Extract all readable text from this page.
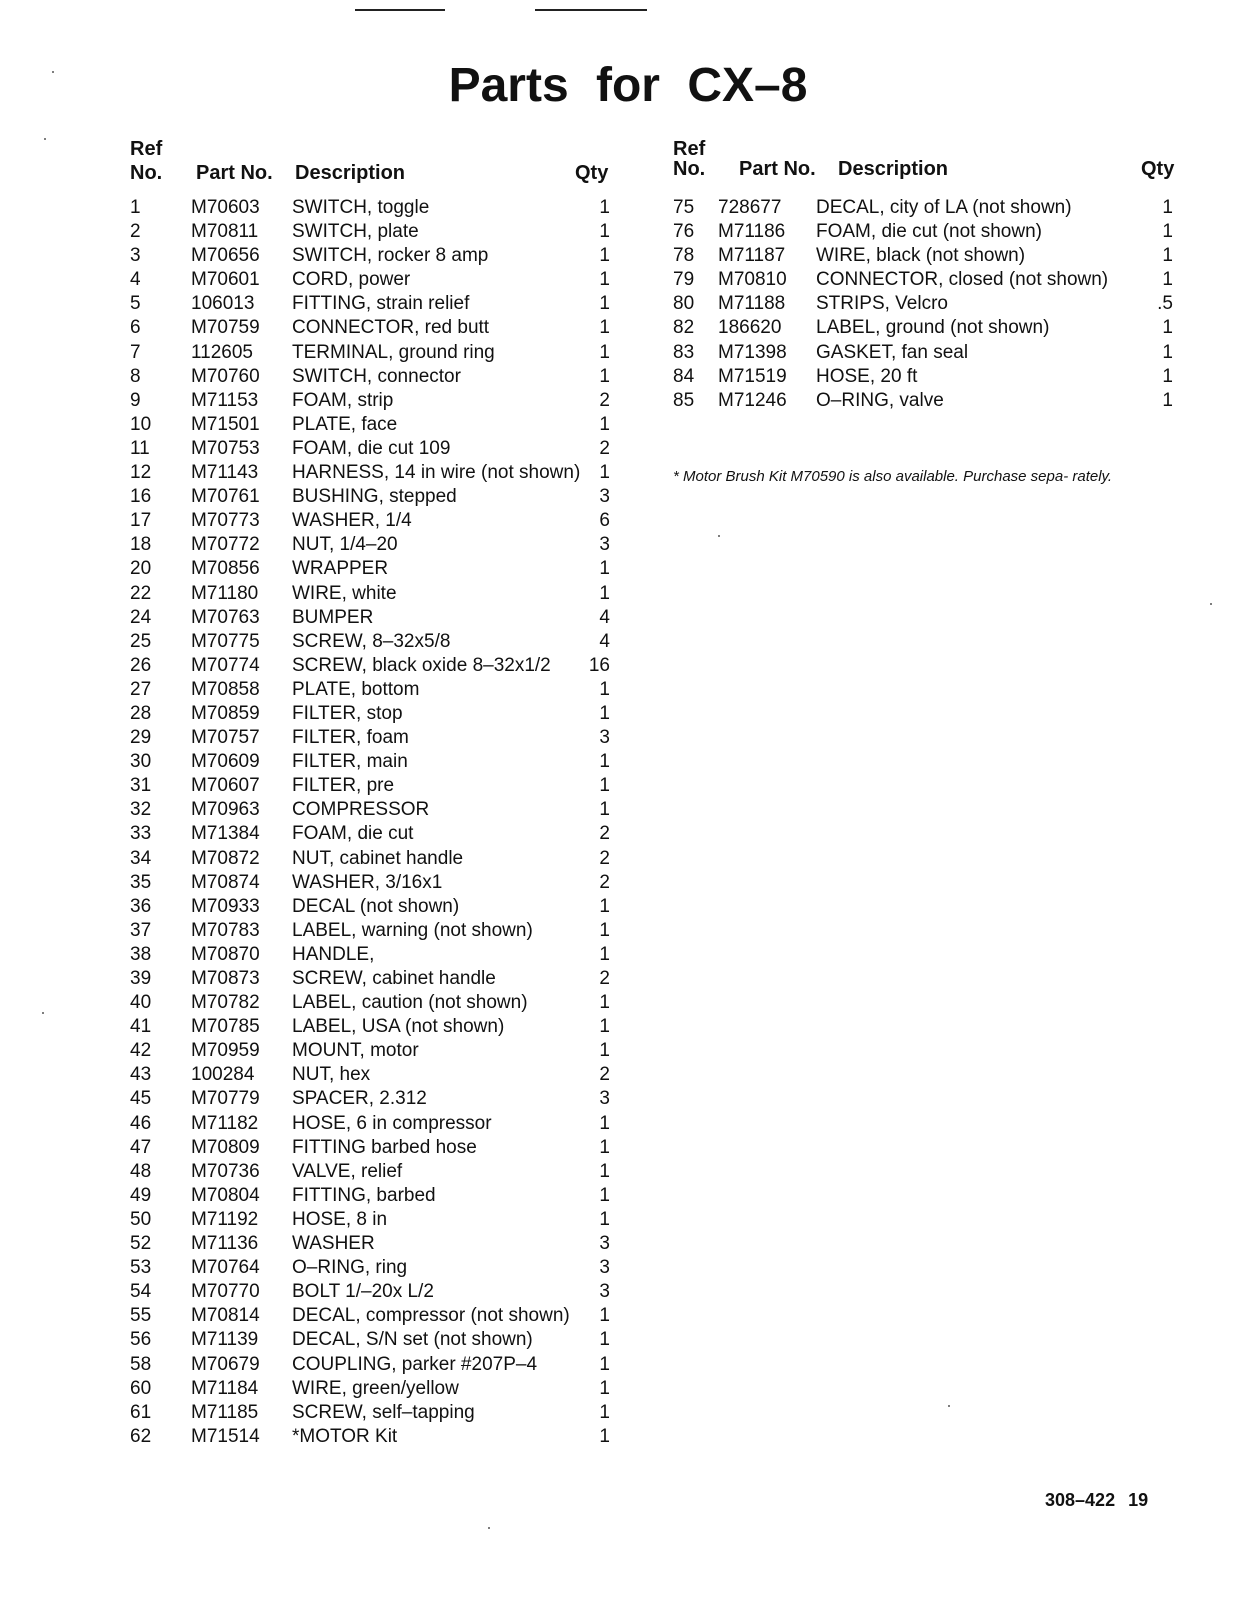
Parts for CX–8
Ref
No. Part No. Description	Qty
1	M70603 SWITCH, toggle	1
2	M70811 SWITCH, plate	1
3	M70656 SWITCH, rocker 8 amp	1
4	M70601 CORD, power	1
5	106013 FITTING, strain relief	1
6	M70759 CONNECTOR, red butt	1
7	112605 TERMINAL, ground ring	1
8	M70760 SWITCH, connector	1
9	M71153 FOAM, strip	2
10 M71501 PLATE, face	1
11 M70753 FOAM, die cut 109	2
12 M71143 HARNESS, 14 in wire (not shown) 1
16 M70761 BUSHING, stepped	3
17 M70773 WASHER, 1/4	6
18 M70772 NUT, 1/4–20	3
20 M70856 WRAPPER	1
22 M71180 WIRE, white	1
24 M70763 BUMPER	4
25 M70775 SCREW, 8–32x5/8	4
26 M70774 SCREW, black oxide 8–32x1/2 16
27 M70858 PLATE, bottom	1
28 M70859 FILTER, stop	1
29 M70757 FILTER, foam	3
30 M70609 FILTER, main	1
31 M70607 FILTER, pre	1
32 M70963 COMPRESSOR	1
33 M71384 FOAM, die cut	2
34 M70872 NUT, cabinet handle	2
35 M70874 WASHER, 3/16x1	2
36 M70933 DECAL (not shown)	1
37 M70783 LABEL, warning (not shown)	1
38 M70870 HANDLE,	1
39 M70873 SCREW, cabinet handle	2
40 M70782 LABEL, caution (not shown)	1
41 M70785 LABEL, USA (not shown)	1
42 M70959 MOUNT, motor	1
43 100284 NUT, hex	2
45 M70779 SPACER, 2.312	3
46 M71182 HOSE, 6 in compressor	1
47 M70809 FITTING barbed hose	1
48 M70736 VALVE, relief	1
49 M70804 FITTING, barbed	1
50 M71192 HOSE, 8 in	1
52 M71136 WASHER	3
53 M70764 O–RING, ring	3
54 M70770 BOLT 1/–20x L/2	3
55 M70814 DECAL, compressor (not shown) 1
56 M71139 DECAL, S/N set (not shown)	1
58 M70679 COUPLING, parker #207P–4	1
60 M71184 WIRE, green/yellow	1
61 M71185 SCREW, self–tapping	1
62 M71514 *MOTOR Kit	1
Ref
No. Part No. Description	Qty
75 728677 DECAL, city of LA (not shown)	1
76 M71186 FOAM, die cut (not shown)	1
78 M71187 WIRE, black (not shown)	1
79 M70810 CONNECTOR, closed (not shown)	1
80 M71188 STRIPS, Velcro	.5
82 186620 LABEL, ground (not shown)	1
83 M71398 GASKET, fan seal	1
84 M71519 HOSE, 20 ft	1
85 M71246 O–RING, valve	1
* Motor Brush Kit M70590 is also available. Purchase sepa- rately.
308–422 19
